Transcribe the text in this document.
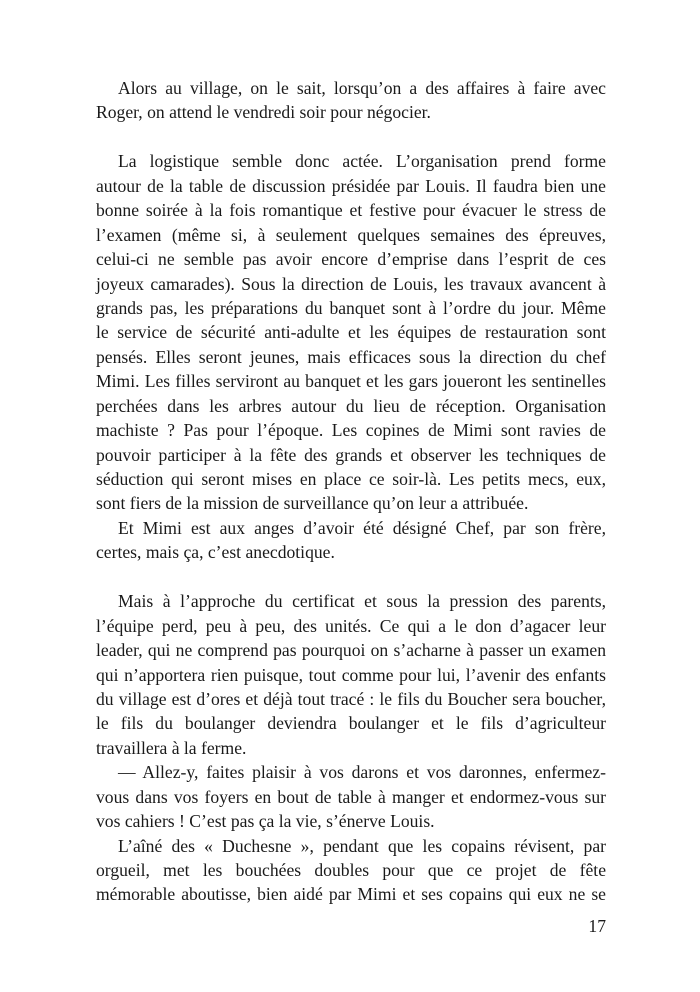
Alors au village, on le sait, lorsqu’on a des affaires à faire avec
Roger, on attend le vendredi soir pour négocier.
La logistique semble donc actée. L’organisation prend forme
autour de la table de discussion présidée par Louis. Il faudra bien une
bonne soirée à la fois romantique et festive pour évacuer le stress de
l’examen (même si, à seulement quelques semaines des épreuves,
celui-ci ne semble pas avoir encore d’emprise dans l’esprit de ces
joyeux camarades). Sous la direction de Louis, les travaux avancent à
grands pas, les préparations du banquet sont à l’ordre du jour. Même
le service de sécurité anti-adulte et les équipes de restauration sont
pensés. Elles seront jeunes, mais efficaces sous la direction du chef
Mimi. Les filles serviront au banquet et les gars joueront les sentinelles
perchées dans les arbres autour du lieu de réception. Organisation
machiste ? Pas pour l’époque. Les copines de Mimi sont ravies de
pouvoir participer à la fête des grands et observer les techniques de
séduction qui seront mises en place ce soir-là. Les petits mecs, eux,
sont fiers de la mission de surveillance qu’on leur a attribuée.
Et Mimi est aux anges d’avoir été désigné Chef, par son frère,
certes, mais ça, c’est anecdotique.
Mais à l’approche du certificat et sous la pression des parents,
l’équipe perd, peu à peu, des unités. Ce qui a le don d’agacer leur
leader, qui ne comprend pas pourquoi on s’acharne à passer un examen
qui n’apportera rien puisque, tout comme pour lui, l’avenir des enfants
du village est d’ores et déjà tout tracé : le fils du Boucher sera boucher,
le fils du boulanger deviendra boulanger et le fils d’agriculteur
travaillera à la ferme.
— Allez-y, faites plaisir à vos darons et vos daronnes, enfermez-
vous dans vos foyers en bout de table à manger et endormez-vous sur
vos cahiers ! C’est pas ça la vie, s’énerve Louis.
L’aîné des « Duchesne », pendant que les copains révisent, par
orgueil, met les bouchées doubles pour que ce projet de fête
mémorable aboutisse, bien aidé par Mimi et ses copains qui eux ne se
17
